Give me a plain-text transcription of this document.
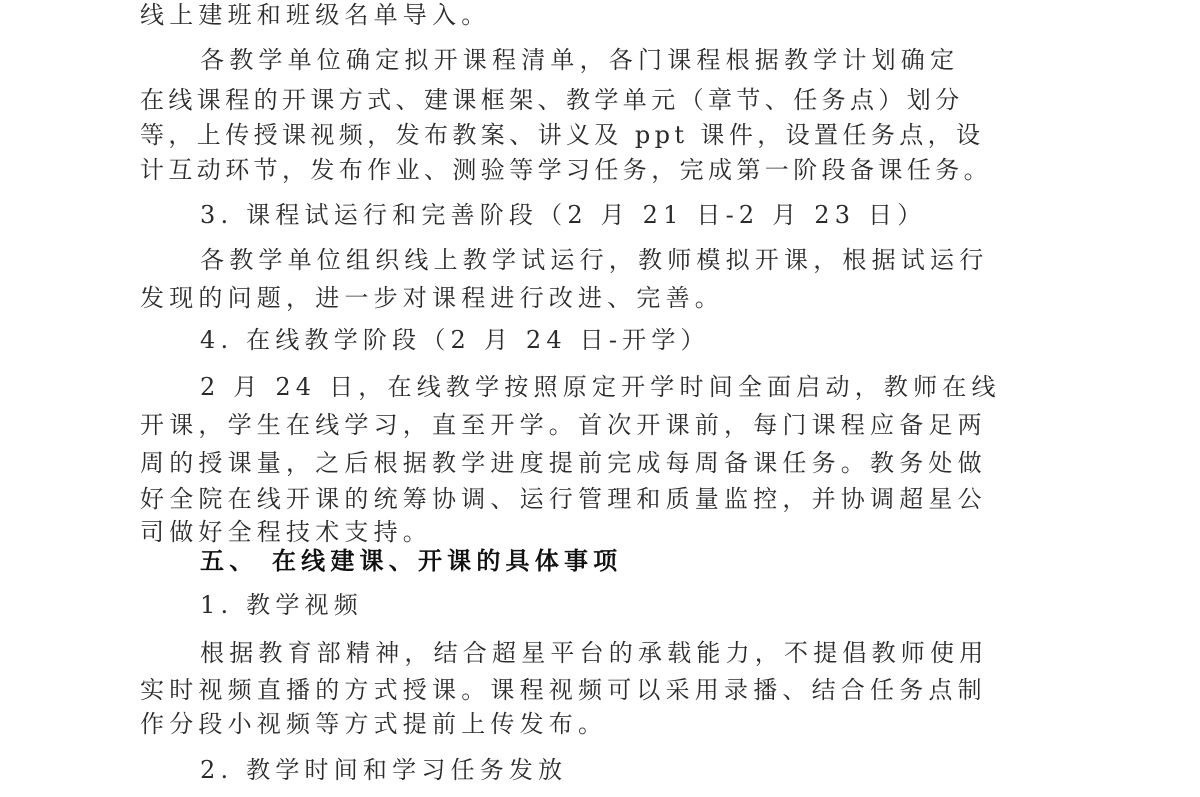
线上建班和班级名单导入。

各教学单位确定拟开课程清单，各门课程根据教学计划确定

在线课程的开课方式、建课框架、教学单元（章节、任务点）划分

等，上传授课视频，发布教案、讲义及 ppt 课件，设置任务点，设

计互动环节，发布作业、测验等学习任务，完成第一阶段备课任务。

3. 课程试运行和完善阶段（2 月 21 日-2 月 23 日）

各教学单位组织线上教学试运行，教师模拟开课，根据试运行

发现的问题，进一步对课程进行改进、完善。

4. 在线教学阶段（2 月 24 日-开学）

2 月 24 日，在线教学按照原定开学时间全面启动，教师在线

开课，学生在线学习，直至开学。首次开课前，每门课程应备足两

周的授课量，之后根据教学进度提前完成每周备课任务。教务处做

好全院在线开课的统筹协调、运行管理和质量监控，并协调超星公

司做好全程技术支持。

五、 在线建课、开课的具体事项

1. 教学视频

根据教育部精神，结合超星平台的承载能力，不提倡教师使用

实时视频直播的方式授课。课程视频可以采用录播、结合任务点制

作分段小视频等方式提前上传发布。

2. 教学时间和学习任务发放
